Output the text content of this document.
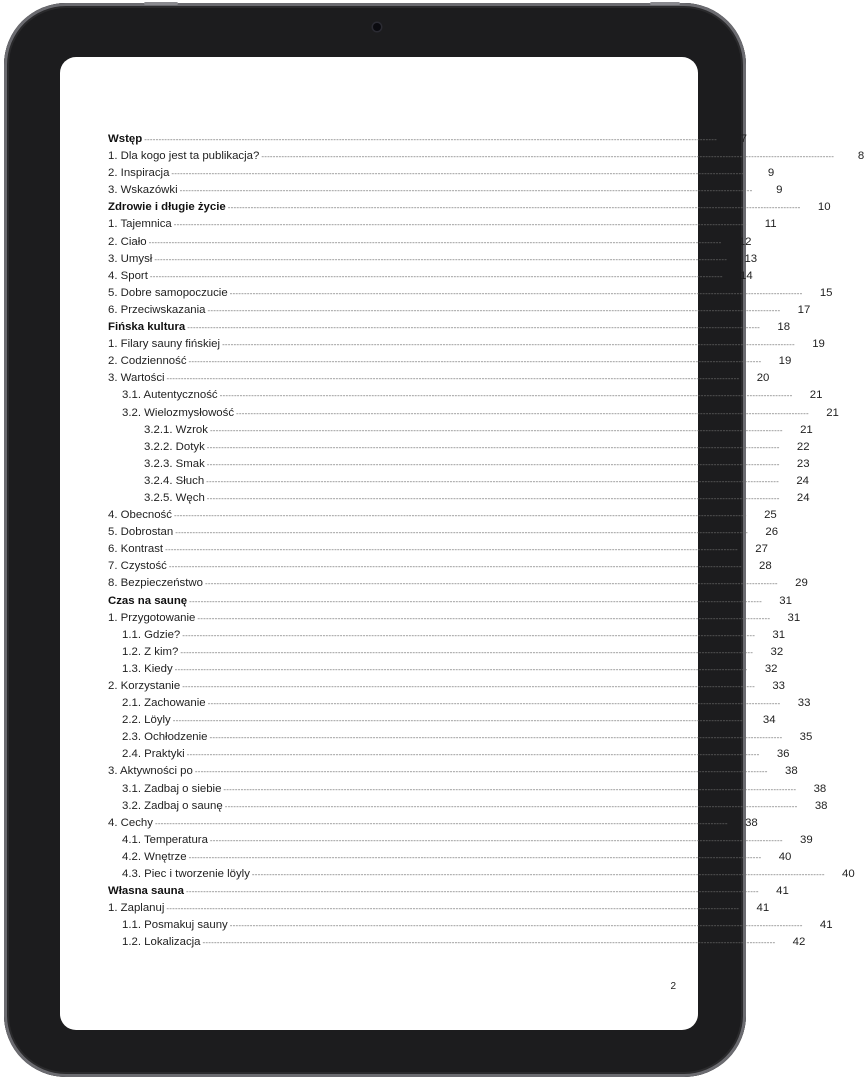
Wstęp --------------------------------------------------------------------------------------------------------------------------------------------------------------------------------------------------------	7
1. Dla kogo jest ta publikacja? --------------------------------------------------------------------------------------------------------------------------------------------------------------------------------------------------------	8
2. Inspiracja --------------------------------------------------------------------------------------------------------------------------------------------------------------------------------------------------------	9
3. Wskazówki --------------------------------------------------------------------------------------------------------------------------------------------------------------------------------------------------------	9
Zdrowie i długie życie --------------------------------------------------------------------------------------------------------------------------------------------------------------------------------------------------------	10
1. Tajemnica --------------------------------------------------------------------------------------------------------------------------------------------------------------------------------------------------------	11
2. Ciało --------------------------------------------------------------------------------------------------------------------------------------------------------------------------------------------------------	12
3. Umysł --------------------------------------------------------------------------------------------------------------------------------------------------------------------------------------------------------	13
4. Sport --------------------------------------------------------------------------------------------------------------------------------------------------------------------------------------------------------	14
5. Dobre samopoczucie --------------------------------------------------------------------------------------------------------------------------------------------------------------------------------------------------------	15
6. Przeciwskazania --------------------------------------------------------------------------------------------------------------------------------------------------------------------------------------------------------	17
Fińska kultura --------------------------------------------------------------------------------------------------------------------------------------------------------------------------------------------------------	18
1. Filary sauny fińskiej --------------------------------------------------------------------------------------------------------------------------------------------------------------------------------------------------------	19
2. Codzienność --------------------------------------------------------------------------------------------------------------------------------------------------------------------------------------------------------	19
3. Wartości --------------------------------------------------------------------------------------------------------------------------------------------------------------------------------------------------------	20
3.1. Autentyczność --------------------------------------------------------------------------------------------------------------------------------------------------------------------------------------------------------	21
3.2. Wielozmysłowość --------------------------------------------------------------------------------------------------------------------------------------------------------------------------------------------------------	21
3.2.1. Wzrok --------------------------------------------------------------------------------------------------------------------------------------------------------------------------------------------------------	21
3.2.2. Dotyk --------------------------------------------------------------------------------------------------------------------------------------------------------------------------------------------------------	22
3.2.3. Smak --------------------------------------------------------------------------------------------------------------------------------------------------------------------------------------------------------	23
3.2.4. Słuch --------------------------------------------------------------------------------------------------------------------------------------------------------------------------------------------------------	24
3.2.5. Węch --------------------------------------------------------------------------------------------------------------------------------------------------------------------------------------------------------	24
4. Obecność --------------------------------------------------------------------------------------------------------------------------------------------------------------------------------------------------------	25
5. Dobrostan --------------------------------------------------------------------------------------------------------------------------------------------------------------------------------------------------------	26
6. Kontrast --------------------------------------------------------------------------------------------------------------------------------------------------------------------------------------------------------	27
7. Czystość --------------------------------------------------------------------------------------------------------------------------------------------------------------------------------------------------------	28
8. Bezpieczeństwo --------------------------------------------------------------------------------------------------------------------------------------------------------------------------------------------------------	29
Czas na saunę --------------------------------------------------------------------------------------------------------------------------------------------------------------------------------------------------------	31
1. Przygotowanie --------------------------------------------------------------------------------------------------------------------------------------------------------------------------------------------------------	31
1.1. Gdzie? --------------------------------------------------------------------------------------------------------------------------------------------------------------------------------------------------------	31
1.2. Z kim? --------------------------------------------------------------------------------------------------------------------------------------------------------------------------------------------------------	32
1.3. Kiedy --------------------------------------------------------------------------------------------------------------------------------------------------------------------------------------------------------	32
2. Korzystanie --------------------------------------------------------------------------------------------------------------------------------------------------------------------------------------------------------	33
2.1. Zachowanie --------------------------------------------------------------------------------------------------------------------------------------------------------------------------------------------------------	33
2.2. Löyly --------------------------------------------------------------------------------------------------------------------------------------------------------------------------------------------------------	34
2.3. Ochłodzenie --------------------------------------------------------------------------------------------------------------------------------------------------------------------------------------------------------	35
2.4. Praktyki --------------------------------------------------------------------------------------------------------------------------------------------------------------------------------------------------------	36
3. Aktywności po --------------------------------------------------------------------------------------------------------------------------------------------------------------------------------------------------------	38
3.1. Zadbaj o siebie --------------------------------------------------------------------------------------------------------------------------------------------------------------------------------------------------------	38
3.2. Zadbaj o saunę --------------------------------------------------------------------------------------------------------------------------------------------------------------------------------------------------------	38
4. Cechy --------------------------------------------------------------------------------------------------------------------------------------------------------------------------------------------------------	38
4.1. Temperatura --------------------------------------------------------------------------------------------------------------------------------------------------------------------------------------------------------	39
4.2. Wnętrze --------------------------------------------------------------------------------------------------------------------------------------------------------------------------------------------------------	40
4.3. Piec i tworzenie löyly --------------------------------------------------------------------------------------------------------------------------------------------------------------------------------------------------------	40
Własna sauna --------------------------------------------------------------------------------------------------------------------------------------------------------------------------------------------------------	41
1. Zaplanuj --------------------------------------------------------------------------------------------------------------------------------------------------------------------------------------------------------	41
1.1. Posmakuj sauny --------------------------------------------------------------------------------------------------------------------------------------------------------------------------------------------------------	41
1.2. Lokalizacja --------------------------------------------------------------------------------------------------------------------------------------------------------------------------------------------------------	42
2
